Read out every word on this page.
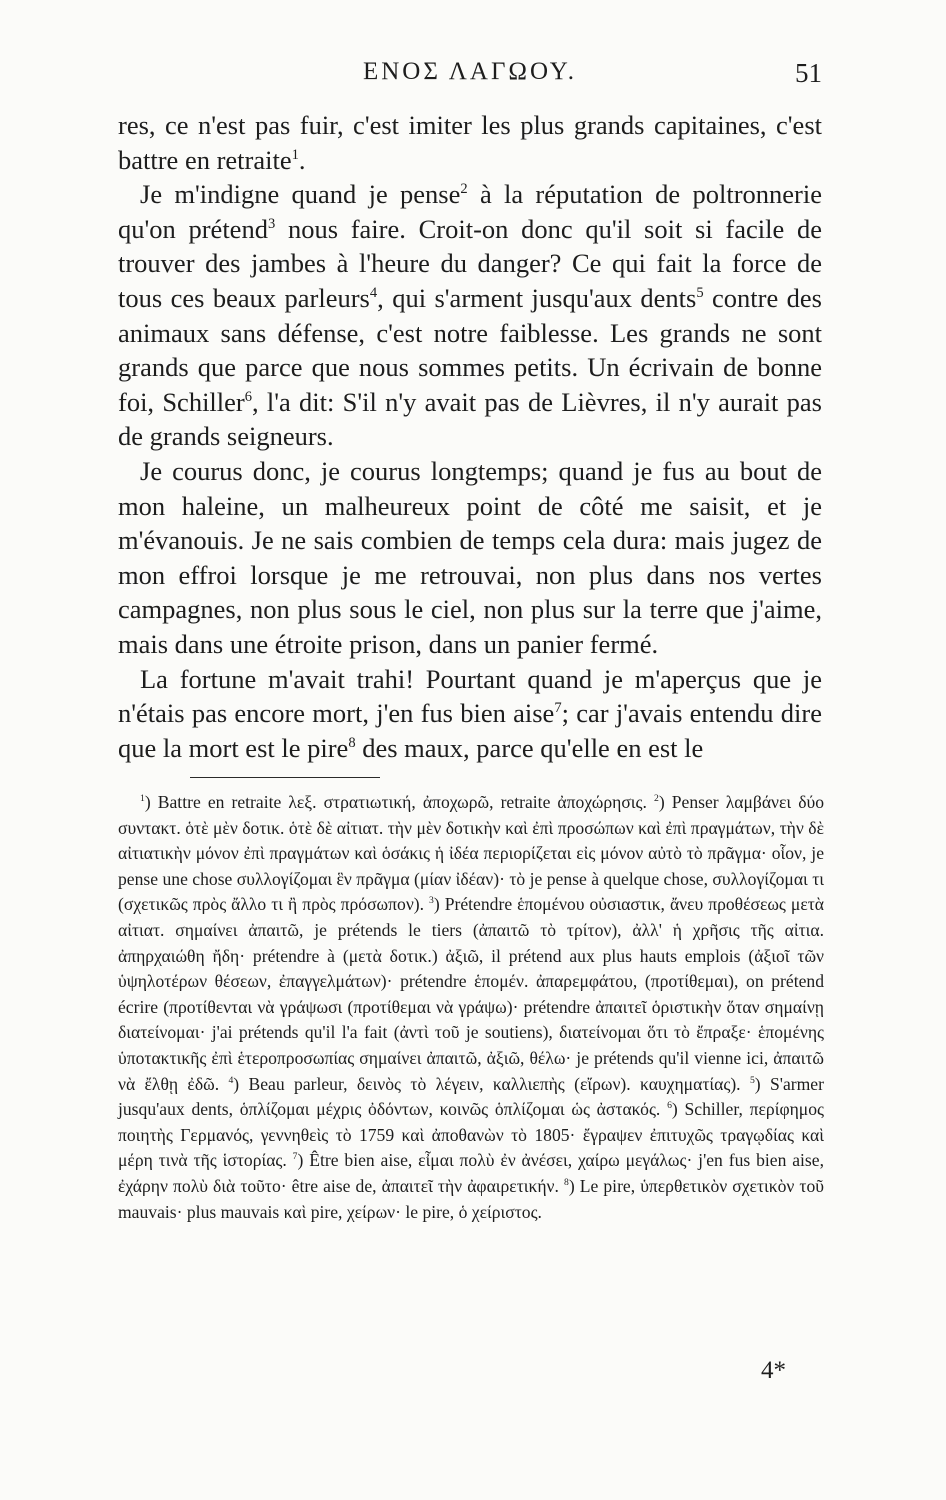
ΕΝΟΣ ΛΑΓΩΟΥ.	51

res, ce n'est pas fuir, c'est imiter les plus grands capitaines, c'est battre en retraite$^1$.

Je m'indigne quand je pense$^2$ à la réputation de poltronnerie qu'on prétend$^3$ nous faire. Croit-on donc qu'il soit si facile de trouver des jambes à l'heure du danger? Ce qui fait la force de tous ces beaux parleurs$^4$, qui s'arment jusqu'aux dents$^5$ contre des animaux sans défense, c'est notre faiblesse. Les grands ne sont grands que parce que nous sommes petits. Un écrivain de bonne foi, Schiller$^6$, l'a dit: S'il n'y avait pas de Lièvres, il n'y aurait pas de grands seigneurs.

Je courus donc, je courus longtemps; quand je fus au bout de mon haleine, un malheureux point de côté me saisit, et je m'évanouis. Je ne sais combien de temps cela dura: mais jugez de mon effroi lorsque je me retrouvai, non plus dans nos vertes campagnes, non plus sous le ciel, non plus sur la terre que j'aime, mais dans une étroite prison, dans un panier fermé.

La fortune m'avait trahi! Pourtant quand je m'aperçus que je n'étais pas encore mort, j'en fus bien aise$^7$; car j'avais entendu dire que la mort est le pire$^8$ des maux, parce qu'elle en est le

$^1$) Battre en retraite λεξ. στρατιωτική, ἀποχωρῶ, retraite ἀποχώρησις. $^2$) Penser λαμβάνει δύο συντακτ. ὁτὲ μὲν δοτικ. ὁτὲ δὲ αἰτιατ. τὴν μὲν δοτικὴν καὶ ἐπὶ προσώπων καὶ ἐπὶ πραγμάτων, τὴν δὲ αἰτιατικὴν μόνον ἐπὶ πραγμάτων καὶ ὁσάκις ἡ ἰδέα περιορίζεται εἰς μόνον αὐτὸ τὸ πρᾶγμα· οἷον, je pense une chose συλλογίζομαι ἓν πρᾶγμα (μίαν ἰδέαν)· τὸ je pense à quelque chose, συλλογίζομαι τι (σχετικῶς πρὸς ἄλλο τι ἢ πρὸς πρόσωπον). $^3$) Prétendre ἑπομένου οὐσιαστικ, ἄνευ προθέσεως μετὰ αἰτιατ. σημαίνει ἀπαιτῶ, je prétends le tiers (ἀπαιτῶ τὸ τρίτον), ἀλλ' ἡ χρῆσις τῆς αἰτια. ἀπηρχαιώθη ἤδη· prétendre à (μετὰ δοτικ.) ἀξιῶ, il prétend aux plus hauts emplois (ἀξιοῖ τῶν ὑψηλοτέρων θέσεων, ἐπαγγελμάτων)· prétendre ἑπομέν. ἀπαρεμφάτου, (προτίθεμαι), on prétend écrire (προτίθενται νὰ γράψωσι (προτίθεμαι νὰ γράψω)· prétendre ἀπαιτεῖ ὁριστικὴν ὅταν σημαίνῃ διατείνομαι· j'ai prétends qu'il l'a fait (ἀντὶ τοῦ je soutiens), διατείνομαι ὅτι τὸ ἔπραξε· ἑπομένης ὑποτακτικῆς ἐπὶ ἑτεροπροσωπίας σημαίνει ἀπαιτῶ, ἀξιῶ, θέλω· je prétends qu'il vienne ici, ἀπαιτῶ νὰ ἔλθῃ ἐδῶ. $^4$) Beau parleur, δεινὸς τὸ λέγειν, καλλιεπὴς (εἴρων). καυχηματίας). $^5$) S'armer jusqu'aux dents, ὁπλίζομαι μέχρις ὀδόντων, κοινῶς ὁπλίζομαι ὡς ἀστακός. $^6$) Schiller, περίφημος ποιητὴς Γερμανός, γεννηθεὶς τὸ 1759 καὶ ἀποθανὼν τὸ 1805· ἔγραψεν ἐπιτυχῶς τραγῳδίας καὶ μέρη τινὰ τῆς ἱστορίας. $^7$) Être bien aise, εἶμαι πολὺ ἐν ἀνέσει, χαίρω μεγάλως· j'en fus bien aise, ἐχάρην πολὺ διὰ τοῦτο· être aise de, ἀπαιτεῖ τὴν ἀφαιρετικήν. $^8$) Le pire, ὑπερθετικὸν σχετικὸν τοῦ mauvais· plus mauvais καὶ pire, χείρων· le pire, ὁ χείριστος.

4*
